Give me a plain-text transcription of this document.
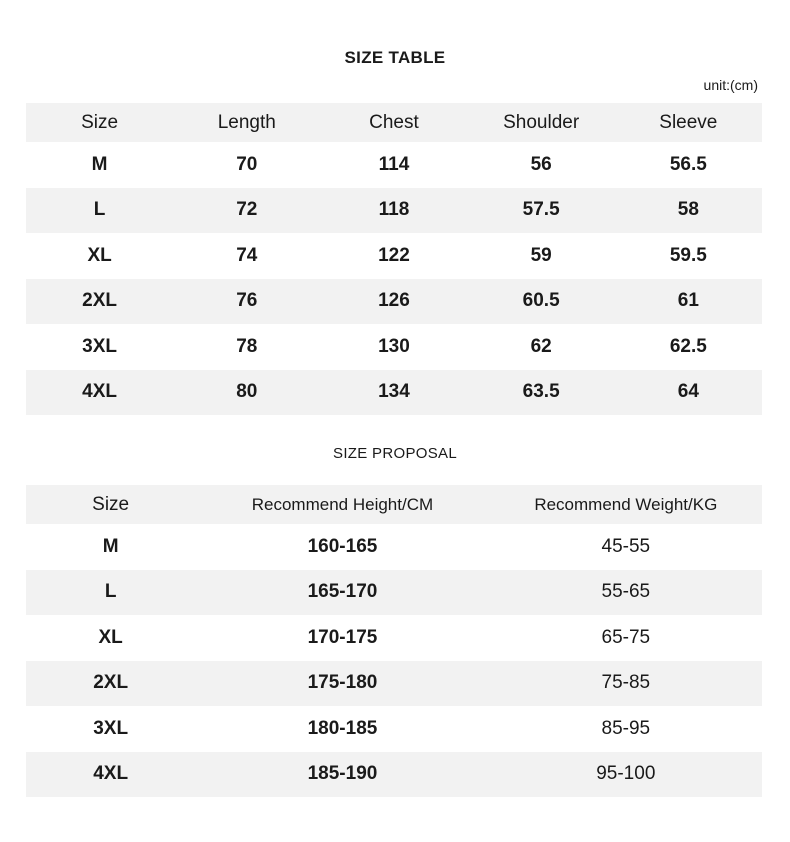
SIZE TABLE
unit:(cm)
Size	Length	Chest	Shoulder	Sleeve
M	70	114	56	56.5
L	72	118	57.5	58
XL	74	122	59	59.5
2XL	76	126	60.5	61
3XL	78	130	62	62.5
4XL	80	134	63.5	64
SIZE PROPOSAL
Size	Recommend Height/CM	Recommend Weight/KG
M	160-165	45-55
L	165-170	55-65
XL	170-175	65-75
2XL	175-180	75-85
3XL	180-185	85-95
4XL	185-190	95-100
